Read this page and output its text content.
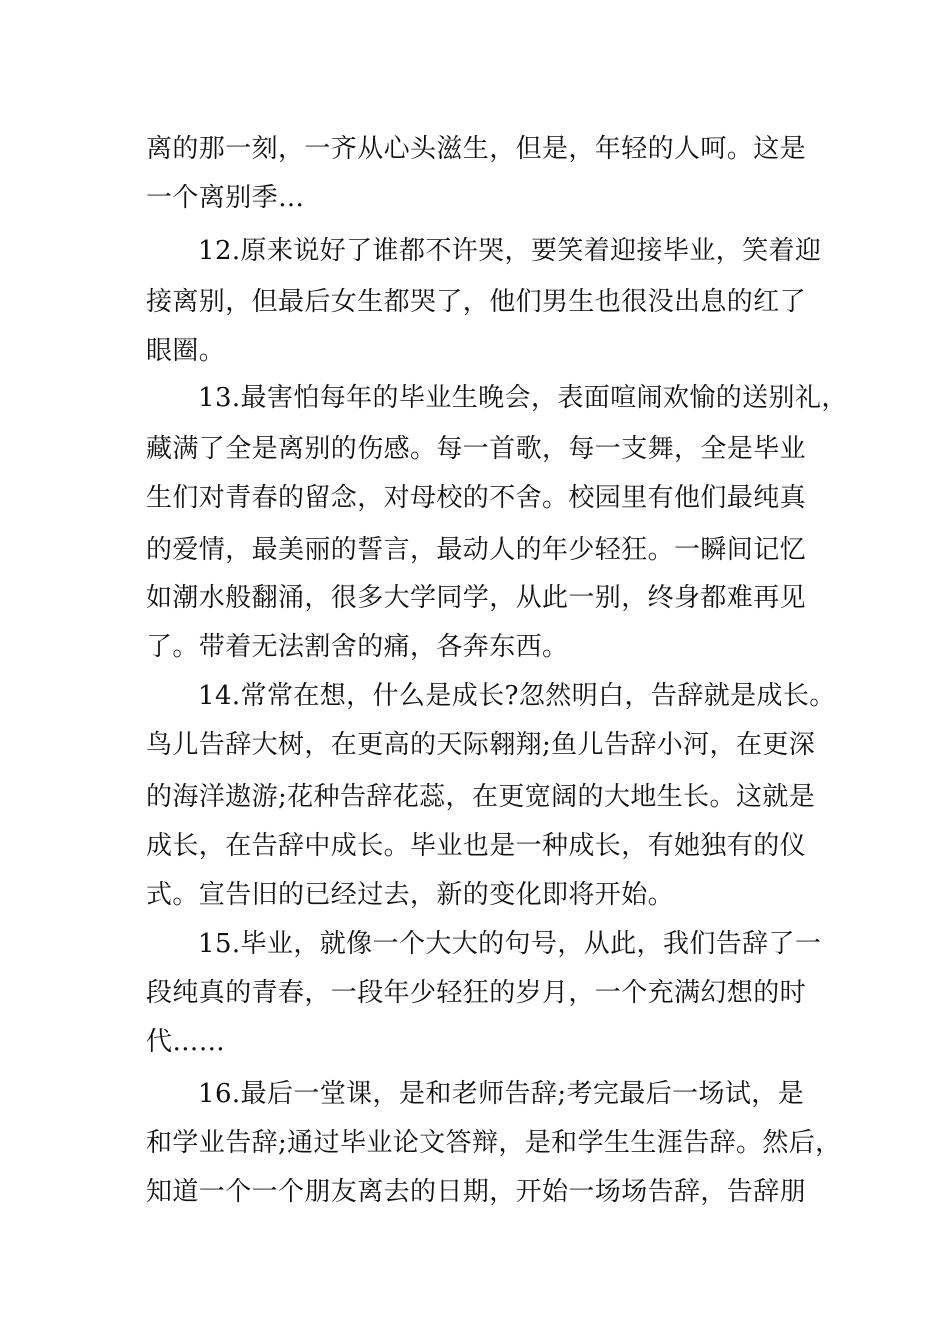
离的那一刻，一齐从心头滋生，但是，年轻的人呵。这是
一个离别季…
12.原来说好了谁都不许哭，要笑着迎接毕业，笑着迎
接离别，但最后女生都哭了，他们男生也很没出息的红了
眼圈。
13.最害怕每年的毕业生晚会，表面喧闹欢愉的送别礼，
藏满了全是离别的伤感。每一首歌，每一支舞，全是毕业
生们对青春的留念，对母校的不舍。校园里有他们最纯真
的爱情，最美丽的誓言，最动人的年少轻狂。一瞬间记忆
如潮水般翻涌，很多大学同学，从此一别，终身都难再见
了。带着无法割舍的痛，各奔东西。
14.常常在想，什么是成长?忽然明白，告辞就是成长。
鸟儿告辞大树，在更高的天际翱翔;鱼儿告辞小河，在更深
的海洋遨游;花种告辞花蕊，在更宽阔的大地生长。这就是
成长，在告辞中成长。毕业也是一种成长，有她独有的仪
式。宣告旧的已经过去，新的变化即将开始。
15.毕业，就像一个大大的句号，从此，我们告辞了一
段纯真的青春，一段年少轻狂的岁月，一个充满幻想的时
代……
16.最后一堂课，是和老师告辞;考完最后一场试，是
和学业告辞;通过毕业论文答辩，是和学生生涯告辞。然后，
知道一个一个朋友离去的日期，开始一场场告辞，告辞朋
